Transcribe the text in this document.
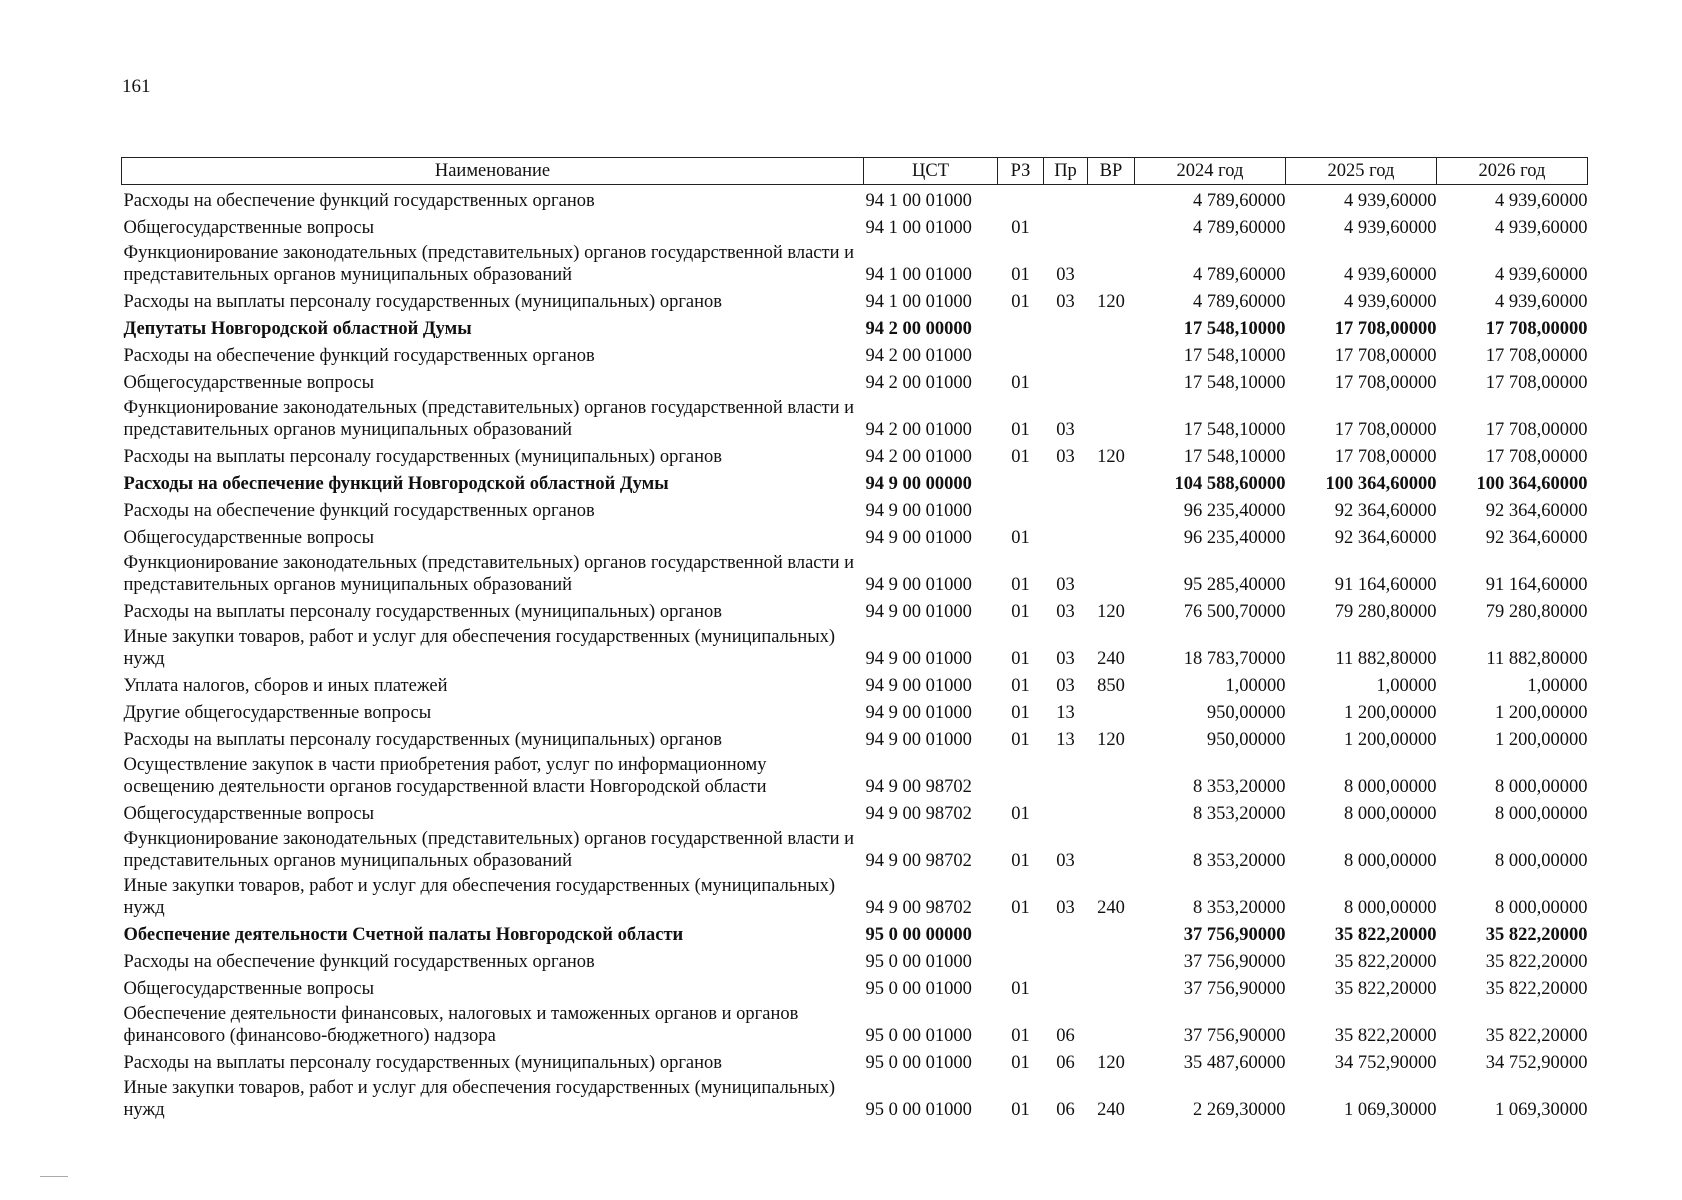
161
Наименование	ЦСТ	РЗ	Пр	ВР	2024 год	2025 год	2026 год
Расходы на обеспечение функций государственных органов	94 1 00 01000				4 789,60000	4 939,60000	4 939,60000
Общегосударственные вопросы	94 1 00 01000	01			4 789,60000	4 939,60000	4 939,60000
Функционирование законодательных (представительных) органов государственной власти и представительных органов муниципальных образований	94 1 00 01000	01	03		4 789,60000	4 939,60000	4 939,60000
Расходы на выплаты персоналу государственных (муниципальных) органов	94 1 00 01000	01	03	120	4 789,60000	4 939,60000	4 939,60000
Депутаты Новгородской областной Думы	94 2 00 00000				17 548,10000	17 708,00000	17 708,00000
Расходы на обеспечение функций государственных органов	94 2 00 01000				17 548,10000	17 708,00000	17 708,00000
Общегосударственные вопросы	94 2 00 01000	01			17 548,10000	17 708,00000	17 708,00000
Функционирование законодательных (представительных) органов государственной власти и представительных органов муниципальных образований	94 2 00 01000	01	03		17 548,10000	17 708,00000	17 708,00000
Расходы на выплаты персоналу государственных (муниципальных) органов	94 2 00 01000	01	03	120	17 548,10000	17 708,00000	17 708,00000
Расходы на обеспечение функций Новгородской областной Думы	94 9 00 00000				104 588,60000	100 364,60000	100 364,60000
Расходы на обеспечение функций государственных органов	94 9 00 01000				96 235,40000	92 364,60000	92 364,60000
Общегосударственные вопросы	94 9 00 01000	01			96 235,40000	92 364,60000	92 364,60000
Функционирование законодательных (представительных) органов государственной власти и представительных органов муниципальных образований	94 9 00 01000	01	03		95 285,40000	91 164,60000	91 164,60000
Расходы на выплаты персоналу государственных (муниципальных) органов	94 9 00 01000	01	03	120	76 500,70000	79 280,80000	79 280,80000
Иные закупки товаров, работ и услуг для обеспечения государственных (муниципальных) нужд	94 9 00 01000	01	03	240	18 783,70000	11 882,80000	11 882,80000
Уплата налогов, сборов и иных платежей	94 9 00 01000	01	03	850	1,00000	1,00000	1,00000
Другие общегосударственные вопросы	94 9 00 01000	01	13		950,00000	1 200,00000	1 200,00000
Расходы на выплаты персоналу государственных (муниципальных) органов	94 9 00 01000	01	13	120	950,00000	1 200,00000	1 200,00000
Осуществление закупок в части приобретения работ, услуг по информационному освещению деятельности органов государственной власти Новгородской области	94 9 00 98702				8 353,20000	8 000,00000	8 000,00000
Общегосударственные вопросы	94 9 00 98702	01			8 353,20000	8 000,00000	8 000,00000
Функционирование законодательных (представительных) органов государственной власти и представительных органов муниципальных образований	94 9 00 98702	01	03		8 353,20000	8 000,00000	8 000,00000
Иные закупки товаров, работ и услуг для обеспечения государственных (муниципальных) нужд	94 9 00 98702	01	03	240	8 353,20000	8 000,00000	8 000,00000
Обеспечение деятельности Счетной палаты Новгородской области	95 0 00 00000				37 756,90000	35 822,20000	35 822,20000
Расходы на обеспечение функций государственных органов	95 0 00 01000				37 756,90000	35 822,20000	35 822,20000
Общегосударственные вопросы	95 0 00 01000	01			37 756,90000	35 822,20000	35 822,20000
Обеспечение деятельности финансовых, налоговых и таможенных органов и органов финансового (финансово-бюджетного) надзора	95 0 00 01000	01	06		37 756,90000	35 822,20000	35 822,20000
Расходы на выплаты персоналу государственных (муниципальных) органов	95 0 00 01000	01	06	120	35 487,60000	34 752,90000	34 752,90000
Иные закупки товаров, работ и услуг для обеспечения государственных (муниципальных) нужд	95 0 00 01000	01	06	240	2 269,30000	1 069,30000	1 069,30000
